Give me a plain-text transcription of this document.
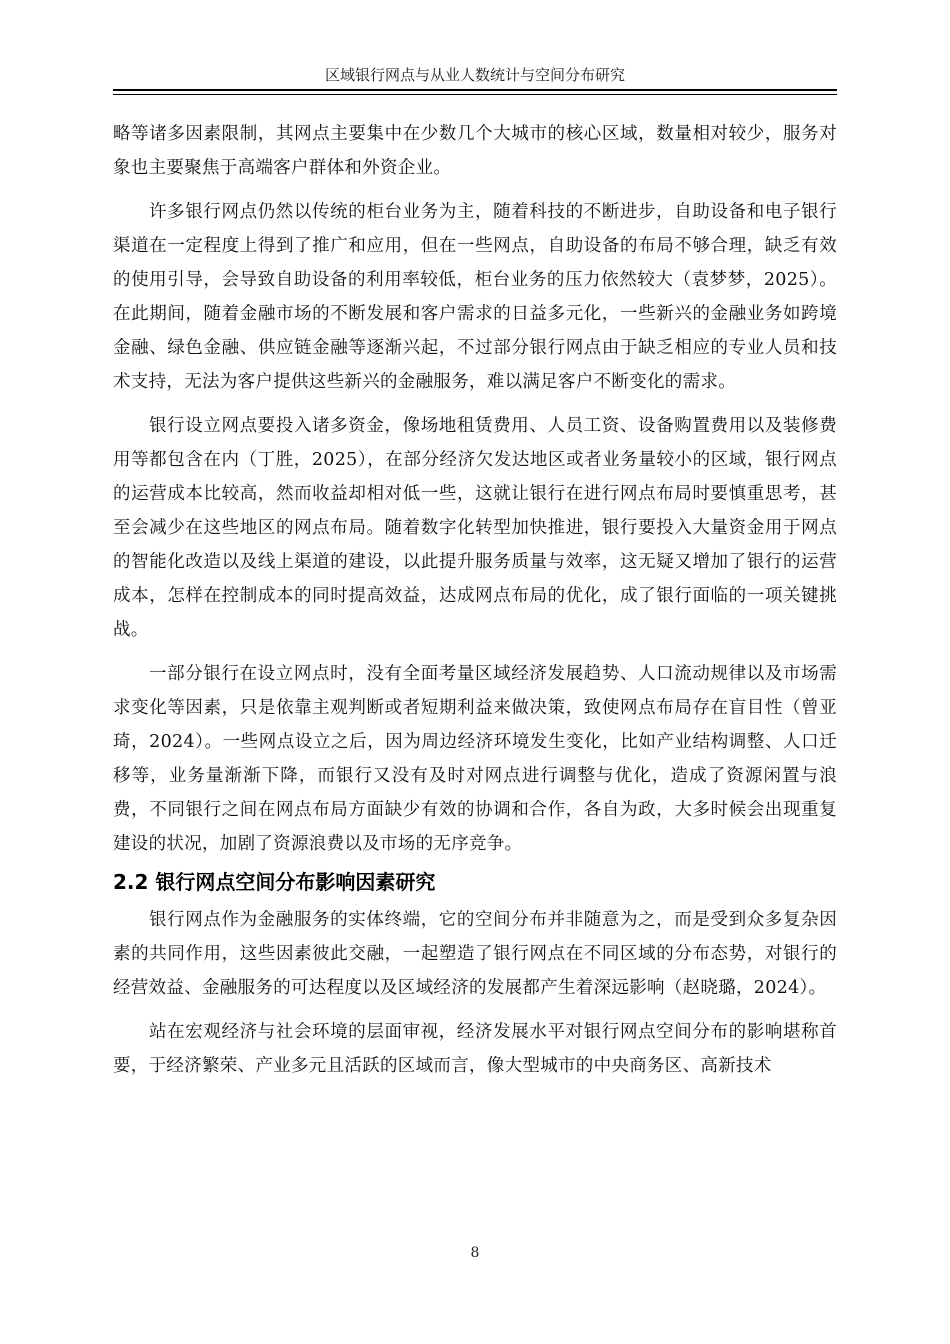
区域银行网点与从业人数统计与空间分布研究

略等诸多因素限制，其网点主要集中在少数几个大城市的核心区域，数量相对较少，服务对象也主要聚焦于高端客户群体和外资企业。

许多银行网点仍然以传统的柜台业务为主，随着科技的不断进步，自助设备和电子银行渠道在一定程度上得到了推广和应用，但在一些网点，自助设备的布局不够合理，缺乏有效的使用引导，会导致自助设备的利用率较低，柜台业务的压力依然较大（袁梦梦，2025）。在此期间，随着金融市场的不断发展和客户需求的日益多元化，一些新兴的金融业务如跨境金融、绿色金融、供应链金融等逐渐兴起，不过部分银行网点由于缺乏相应的专业人员和技术支持，无法为客户提供这些新兴的金融服务，难以满足客户不断变化的需求。

银行设立网点要投入诸多资金，像场地租赁费用、人员工资、设备购置费用以及装修费用等都包含在内（丁胜，2025），在部分经济欠发达地区或者业务量较小的区域，银行网点的运营成本比较高，然而收益却相对低一些，这就让银行在进行网点布局时要慎重思考，甚至会减少在这些地区的网点布局。随着数字化转型加快推进，银行要投入大量资金用于网点的智能化改造以及线上渠道的建设，以此提升服务质量与效率，这无疑又增加了银行的运营成本，怎样在控制成本的同时提高效益，达成网点布局的优化，成了银行面临的一项关键挑战。

一部分银行在设立网点时，没有全面考量区域经济发展趋势、人口流动规律以及市场需求变化等因素，只是依靠主观判断或者短期利益来做决策，致使网点布局存在盲目性（曾亚琦，2024）。一些网点设立之后，因为周边经济环境发生变化，比如产业结构调整、人口迁移等，业务量渐渐下降，而银行又没有及时对网点进行调整与优化，造成了资源闲置与浪费，不同银行之间在网点布局方面缺少有效的协调和合作，各自为政，大多时候会出现重复建设的状况，加剧了资源浪费以及市场的无序竞争。

2.2 银行网点空间分布影响因素研究

银行网点作为金融服务的实体终端，它的空间分布并非随意为之，而是受到众多复杂因素的共同作用，这些因素彼此交融，一起塑造了银行网点在不同区域的分布态势，对银行的经营效益、金融服务的可达程度以及区域经济的发展都产生着深远影响（赵晓璐，2024）。

站在宏观经济与社会环境的层面审视，经济发展水平对银行网点空间分布的影响堪称首要，于经济繁荣、产业多元且活跃的区域而言，像大型城市的中央商务区、高新技术

8
